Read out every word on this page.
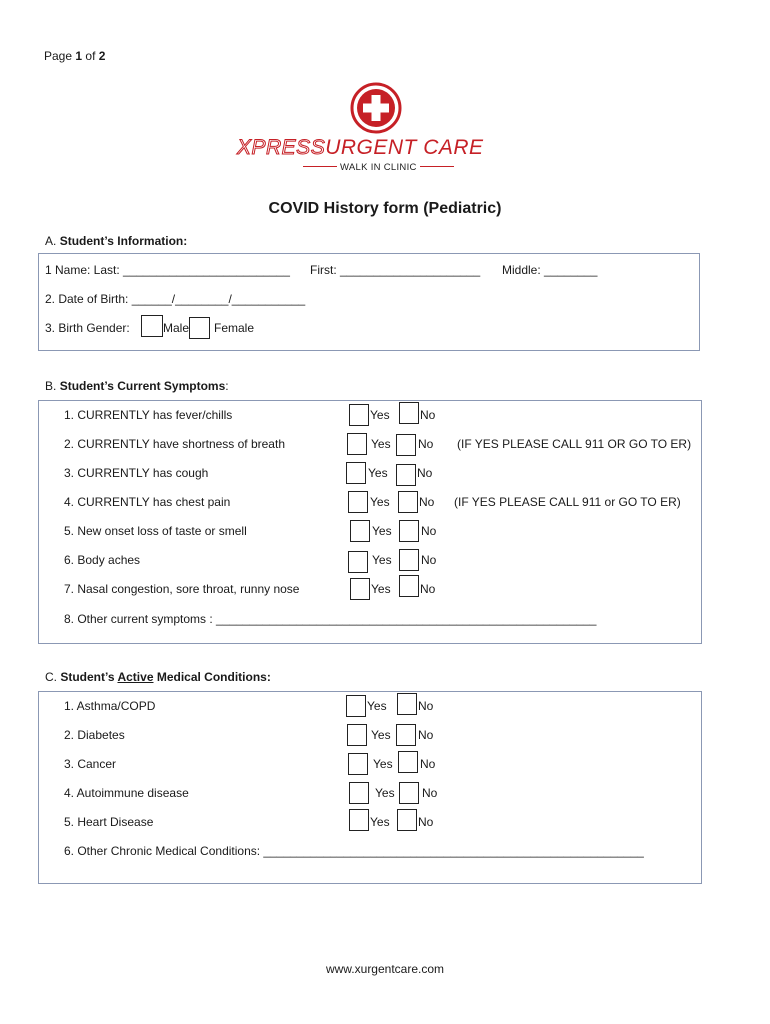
Page 1 of 2
XPRESSURGENT CARE
WALK IN CLINIC
COVID History form (Pediatric)
A. Student’s Information:
1 Name: Last: _________________________ First: _____________________ Middle: ________
2. Date of Birth: ______/________/___________
3. Birth Gender:	Male Female
B. Student’s Current Symptoms:
1. CURRENTLY has fever/chills	Yes	No
2. CURRENTLY have shortness of breath	Yes No (IF YES PLEASE CALL 911 OR GO TO ER)
3. CURRENTLY has cough	Yes No
4. CURRENTLY has chest pain	Yes No (IF YES PLEASE CALL 911 or GO TO ER)
5. New onset loss of taste or smell	Yes No
6. Body aches	Yes No
7. Nasal congestion, sore throat, runny nose	Yes No
8. Other current symptoms : _________________________________________________________
C. Student’s Active Medical Conditions:
1. Asthma/COPD	Yes	No
2. Diabetes	Yes No
3. Cancer	Yes No
4. Autoimmune disease	Yes No
5. Heart Disease	Yes No
6. Other Chronic Medical Conditions: _________________________________________________________
www.xurgentcare.com
